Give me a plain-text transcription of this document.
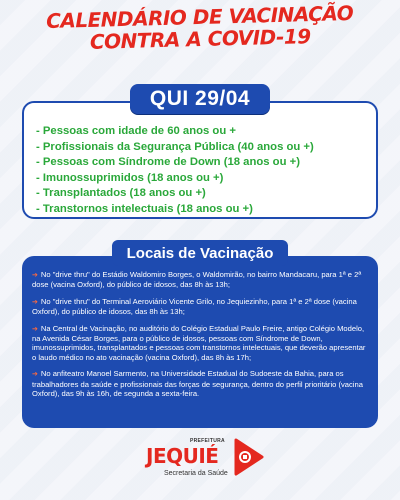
CALENDÁRIO DE VACINAÇÃO
CONTRA A COVID-19
- Pessoas com idade de 60 anos ou +
- Profissionais da Segurança Pública (40 anos ou +)
- Pessoas com Síndrome de Down (18 anos ou +)
- Imunossuprimidos (18 anos ou +)
- Transplantados (18 anos ou +)
- Transtornos intelectuais (18 anos ou +)
QUI 29/04
➔ No "drive thru" do Estádio Waldomiro Borges, o Waldomirão, no bairro Mandacaru, para 1ª e 2ª dose (vacina Oxford), do público de idosos, das 8h às 13h;
➔ No "drive thru" do Terminal Aeroviário Vicente Grilo, no Jequiezinho, para 1ª e 2ª dose (vacina Oxford), do público de idosos, das 8h às 13h;
➔ Na Central de Vacinação, no auditório do Colégio Estadual Paulo Freire, antigo Colégio Modelo, na Avenida César Borges, para o público de idosos, pessoas com Síndrome de Down, imunossuprimidos, transplantados e pessoas com transtornos intelectuais, que deverão apresentar o laudo médico no ato vacinação (vacina Oxford), das 8h às 17h;
➔ No anfiteatro Manoel Sarmento, na Universidade Estadual do Sudoeste da Bahia, para os trabalhadores da saúde e profissionais das forças de segurança, dentro do perfil prioritário (vacina Oxford), das 9h às 16h, de segunda a sexta-feira.
Locais de Vacinação
PREFEITURA
JEQUIÉ
Secretaria da Saúde
